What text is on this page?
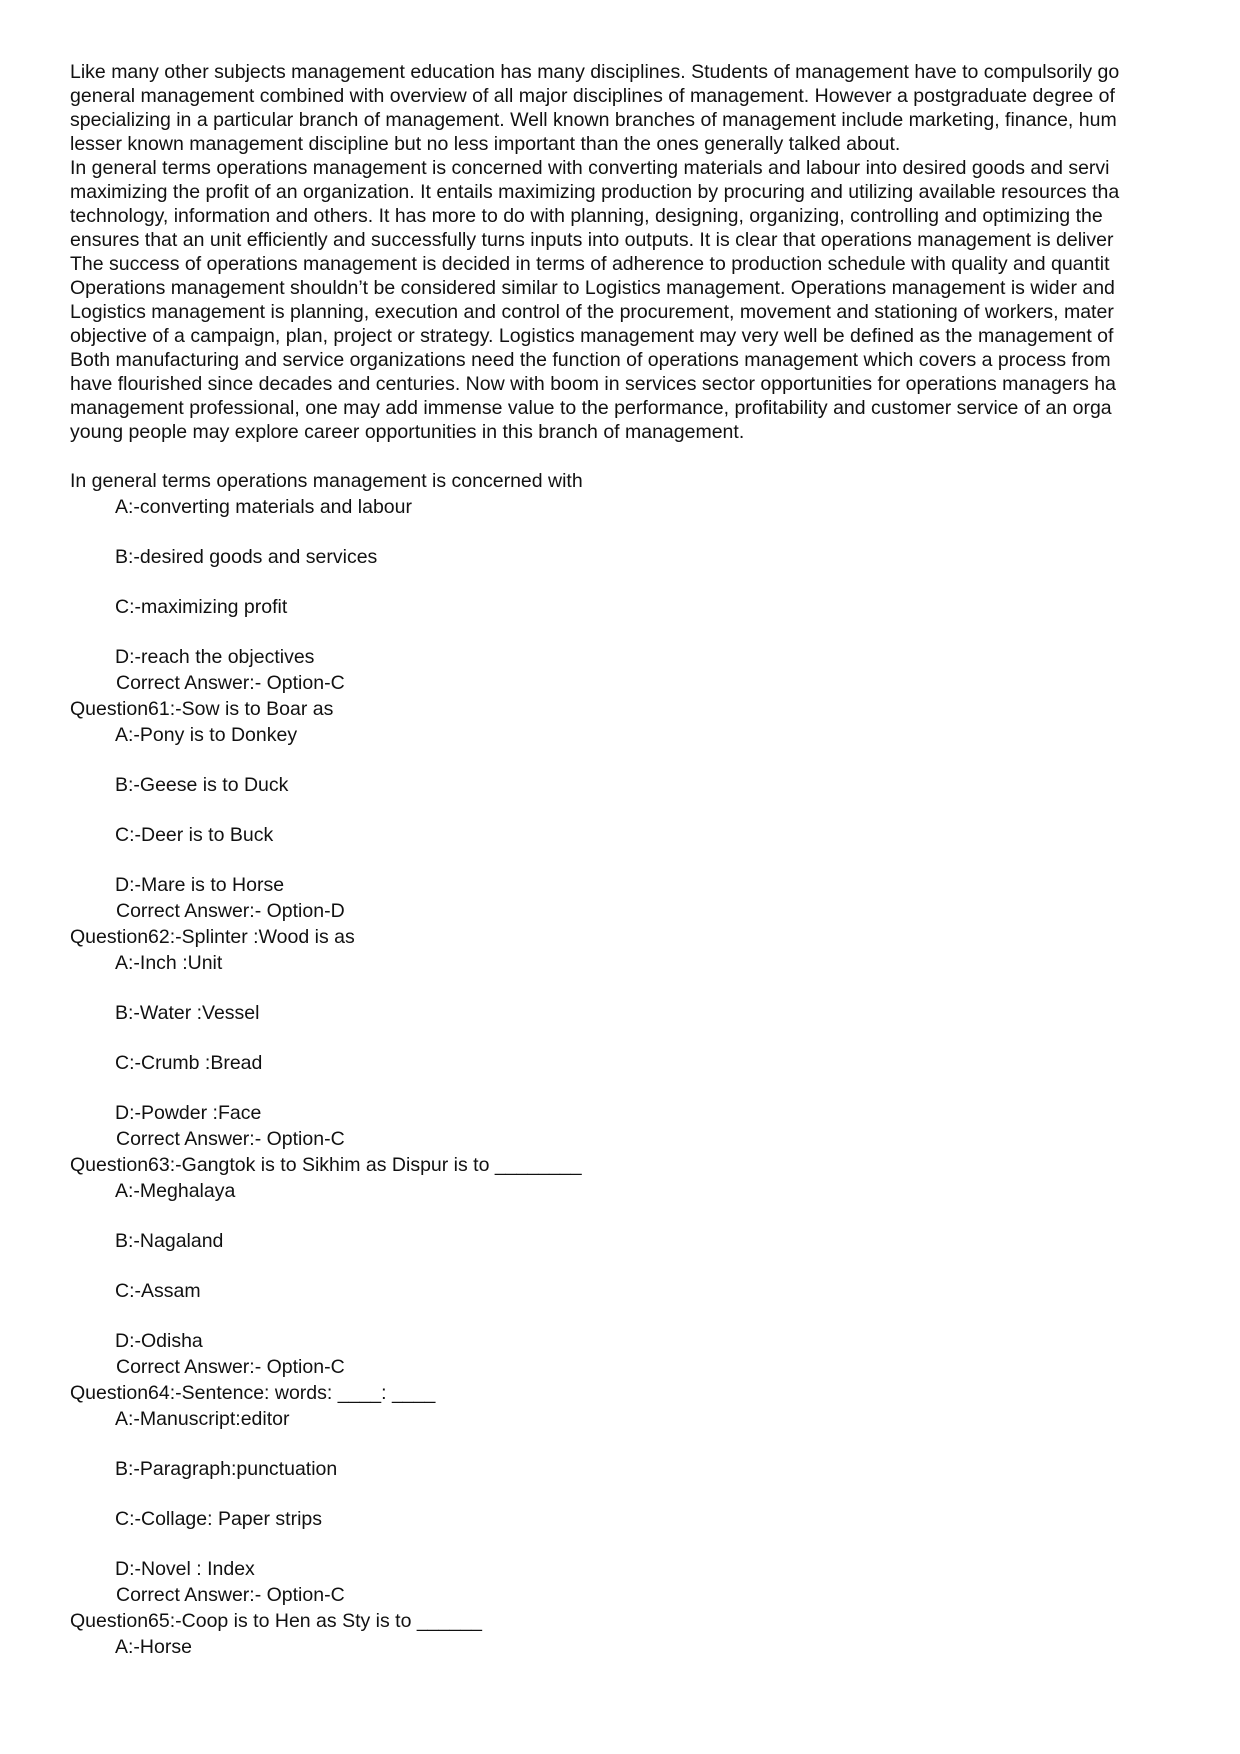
Like many other subjects management education has many disciplines. Students of management have to compulsorily go
general management combined with overview of all major disciplines of management. However a postgraduate degree of
specializing in a particular branch of management. Well known branches of management include marketing, finance, hum
lesser known management discipline but no less important than the ones generally talked about.
In general terms operations management is concerned with converting materials and labour into desired goods and servi
maximizing the profit of an organization. It entails maximizing production by procuring and utilizing available resources tha
technology, information and others. It has more to do with planning, designing, organizing, controlling and optimizing the
ensures that an unit efficiently and successfully turns inputs into outputs. It is clear that operations management is deliver
The success of operations management is decided in terms of adherence to production schedule with quality and quantit
Operations management shouldn’t be considered similar to Logistics management. Operations management is wider and
Logistics management is planning, execution and control of the procurement, movement and stationing of workers, mater
objective of a campaign, plan, project or strategy. Logistics management may very well be defined as the management of
Both manufacturing and service organizations need the function of operations management which covers a process from
have flourished since decades and centuries. Now with boom in services sector opportunities for operations managers ha
management professional, one may add immense value to the performance, profitability and customer service of an orga
young people may explore career opportunities in this branch of management.
In general terms operations management is concerned with
A:-converting materials and labour
B:-desired goods and services
C:-maximizing profit
D:-reach the objectives
Correct Answer:- Option-C
Question61:-Sow is to Boar as
A:-Pony is to Donkey
B:-Geese is to Duck
C:-Deer is to Buck
D:-Mare is to Horse
Correct Answer:- Option-D
Question62:-Splinter :Wood is as
A:-Inch :Unit
B:-Water :Vessel
C:-Crumb :Bread
D:-Powder :Face
Correct Answer:- Option-C
Question63:-Gangtok is to Sikhim as Dispur is to ________
A:-Meghalaya
B:-Nagaland
C:-Assam
D:-Odisha
Correct Answer:- Option-C
Question64:-Sentence: words: ____: ____
A:-Manuscript:editor
B:-Paragraph:punctuation
C:-Collage: Paper strips
D:-Novel : Index
Correct Answer:- Option-C
Question65:-Coop is to Hen as Sty is to ______
A:-Horse
